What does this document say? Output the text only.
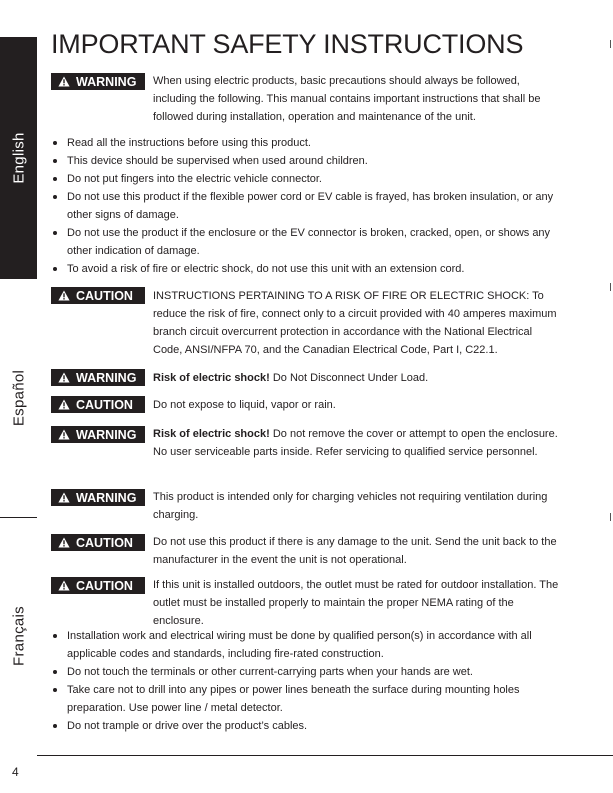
English
Español
Français
IMPORTANT SAFETY INSTRUCTIONS
WARNING When using electric products, basic precautions should always be followed, including the following. This manual contains important instructions that shall be followed during installation, operation and maintenance of the unit.

Read all the instructions before using this product.
This device should be supervised when used around children.
Do not put fingers into the electric vehicle connector.
Do not use this product if the flexible power cord or EV cable is frayed, has broken insulation, or any other signs of damage.
Do not use the product if the enclosure or the EV connector is broken, cracked, open, or shows any other indication of damage.
To avoid a risk of fire or electric shock, do not use this unit with an extension cord.
CAUTION INSTRUCTIONS PERTAINING TO A RISK OF FIRE OR ELECTRIC SHOCK: To reduce the risk of fire, connect only to a circuit provided with 40 amperes maximum branch circuit overcurrent protection in accordance with the National Electrical Code, ANSI/NFPA 70, and the Canadian Electrical Code, Part I, C22.1.

WARNING Risk of electric shock! Do Not Disconnect Under Load.

CAUTION Do not expose to liquid, vapor or rain.

WARNING Risk of electric shock! Do not remove the cover or attempt to open the enclosure. No user serviceable parts inside. Refer servicing to qualified service personnel.

WARNING This product is intended only for charging vehicles not requiring ventilation during charging.

CAUTION Do not use this product if there is any damage to the unit. Send the unit back to the manufacturer in the event the unit is not operational.

CAUTION If this unit is installed outdoors, the outlet must be rated for outdoor installation. The outlet must be installed properly to maintain the proper NEMA rating of the enclosure.

Installation work and electrical wiring must be done by qualified person(s) in accordance with all applicable codes and standards, including fire-rated construction.
Do not touch the terminals or other current-carrying parts when your hands are wet.
Take care not to drill into any pipes or power lines beneath the surface during mounting holes preparation. Use power line / metal detector.
Do not trample or drive over the product’s cables.
4
